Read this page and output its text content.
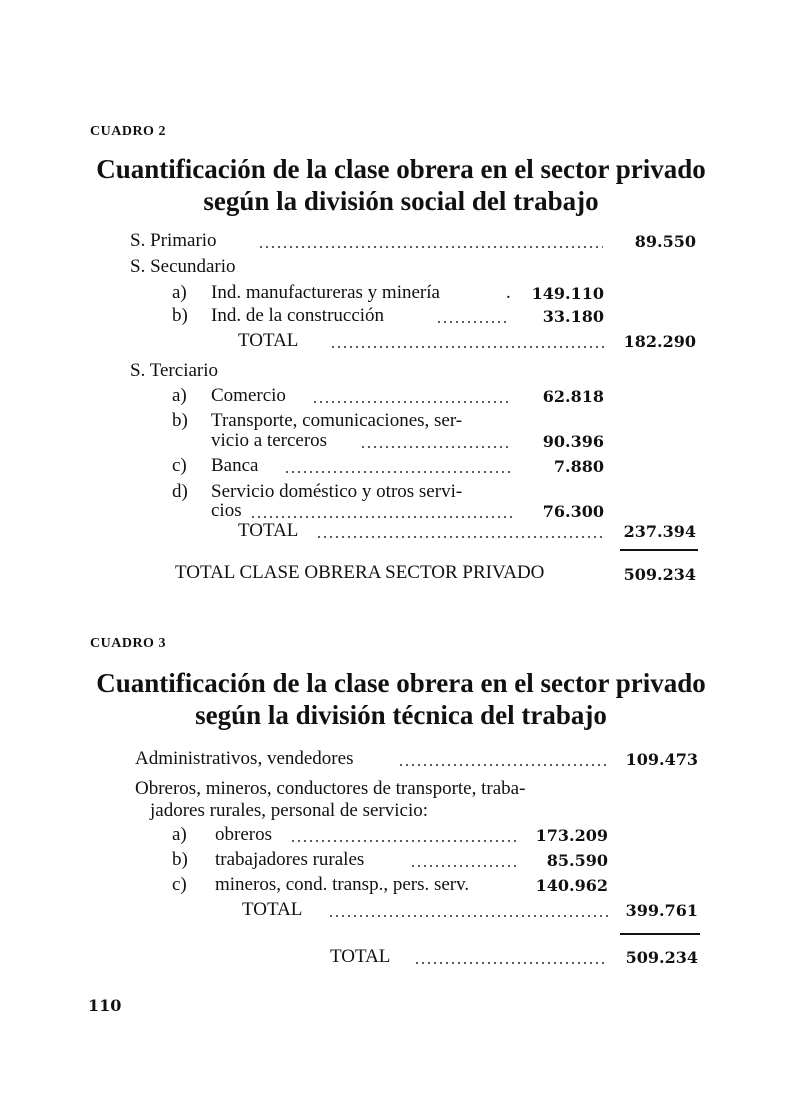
CUADRO 2
Cuantificación de la clase obrera en el sector privado
según la división social del trabajo
S. Primario	89.550
S. Secundario
a) Ind. manufactureras y minería	.	149.110
b) Ind. de la construcción	33.180
TOTAL	182.290
S. Terciario
a) Comercio	62.818
b) Transporte, comunicaciones, ser-
vicio a terceros	90.396
c) Banca	7.880
d) Servicio doméstico y otros servi-
cios	76.300
TOTAL	237.394
TOTAL CLASE OBRERA SECTOR PRIVADO	509.234
CUADRO 3
Cuantificación de la clase obrera en el sector privado
según la división técnica del trabajo
Administrativos, vendedores	109.473
Obreros, mineros, conductores de transporte, traba-
jadores rurales, personal de servicio:
a) obreros	173.209
b) trabajadores rurales	85.590
c) mineros, cond. transp., pers. serv.	140.962
TOTAL	399.761
TOTAL	509.234
110
